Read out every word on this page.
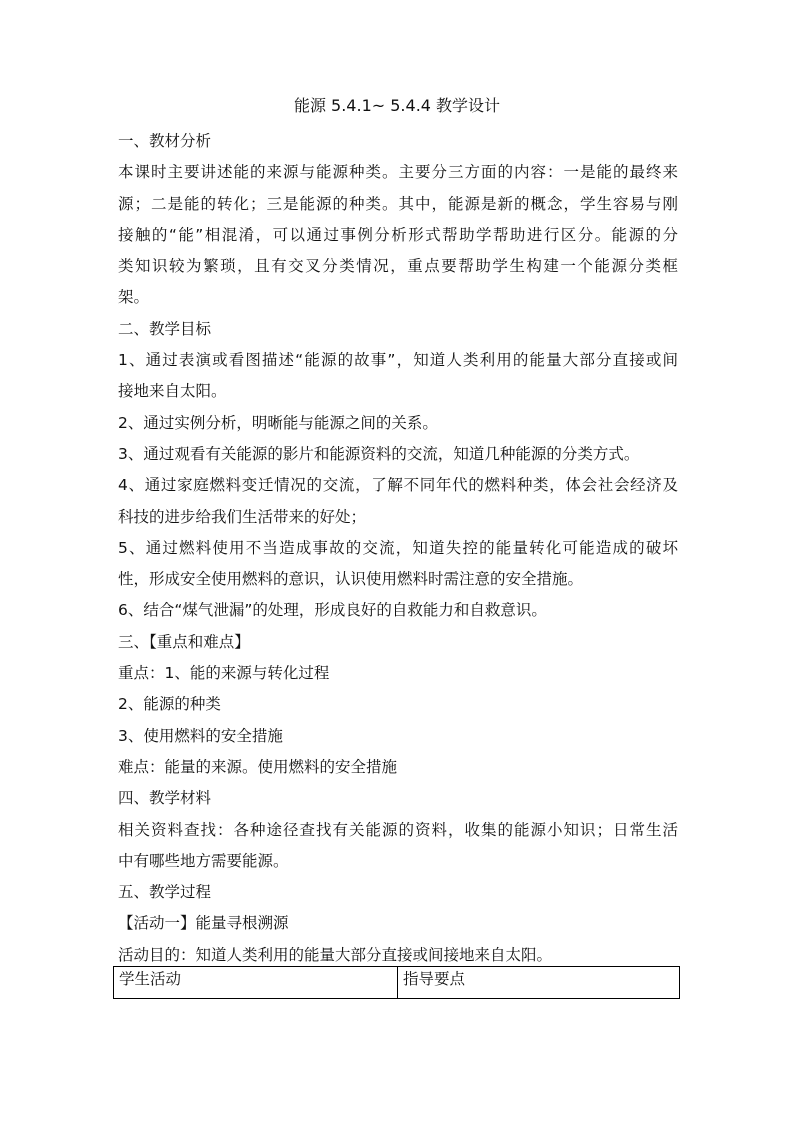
能源 5.4.1~ 5.4.4 教学设计
一、教材分析
本课时主要讲述能的来源与能源种类。主要分三方面的内容：一是能的最终来
源；二是能的转化；三是能源的种类。其中，能源是新的概念，学生容易与刚
接触的“能”相混淆，可以通过事例分析形式帮助学帮助进行区分。能源的分
类知识较为繁琐，且有交叉分类情况，重点要帮助学生构建一个能源分类框
架。
二、教学目标
1、通过表演或看图描述“能源的故事”，知道人类利用的能量大部分直接或间
接地来自太阳。
2、通过实例分析，明晰能与能源之间的关系。
3、通过观看有关能源的影片和能源资料的交流，知道几种能源的分类方式。
4、通过家庭燃料变迁情况的交流，了解不同年代的燃料种类，体会社会经济及
科技的进步给我们生活带来的好处；
5、通过燃料使用不当造成事故的交流，知道失控的能量转化可能造成的破坏
性，形成安全使用燃料的意识，认识使用燃料时需注意的安全措施。
6、结合“煤气泄漏”的处理，形成良好的自救能力和自救意识。
三、【重点和难点】
重点：1、能的来源与转化过程
2、能源的种类
3、使用燃料的安全措施
难点：能量的来源。使用燃料的安全措施
四、教学材料
相关资料查找：各种途径查找有关能源的资料，收集的能源小知识；日常生活
中有哪些地方需要能源。
五、教学过程
【活动一】能量寻根溯源
活动目的：知道人类利用的能量大部分直接或间接地来自太阳。
学生活动	指导要点
